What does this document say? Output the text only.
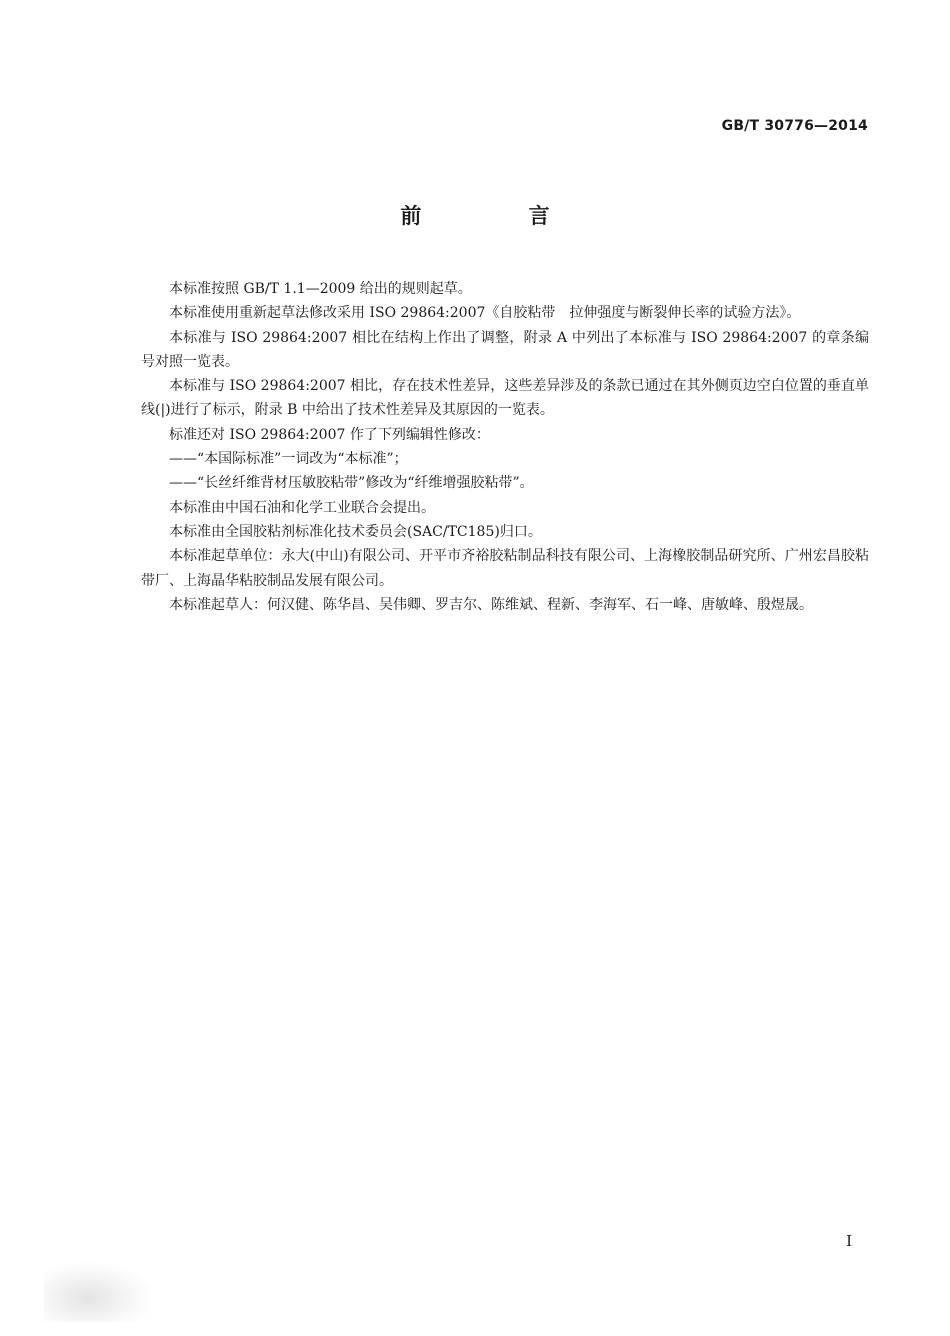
GB/T 30776—2014
前 言

本标准按照 GB/T 1.1—2009 给出的规则起草。

本标准使用重新起草法修改采用 ISO 29864:2007《自胶粘带　拉伸强度与断裂伸长率的试验方法》。

本标准与 ISO 29864:2007 相比在结构上作出了调整，附录 A 中列出了本标准与 ISO 29864:2007 的章条编号对照一览表。

本标准与 ISO 29864:2007 相比，存在技术性差异，这些差异涉及的条款已通过在其外侧页边空白位置的垂直单线(|)进行了标示，附录 B 中给出了技术性差异及其原因的一览表。

标准还对 ISO 29864:2007 作了下列编辑性修改：

——“本国际标准”一词改为“本标准”；

——“长丝纤维背材压敏胶粘带”修改为“纤维增强胶粘带”。

本标准由中国石油和化学工业联合会提出。

本标准由全国胶粘剂标准化技术委员会(SAC/TC185)归口。

本标准起草单位：永大(中山)有限公司、开平市齐裕胶粘制品科技有限公司、上海橡胶制品研究所、广州宏昌胶粘带厂、上海晶华粘胶制品发展有限公司。

本标准起草人：何汉健、陈华昌、吴伟卿、罗吉尔、陈维斌、程新、李海军、石一峰、唐敏峰、殷煜晟。

I
